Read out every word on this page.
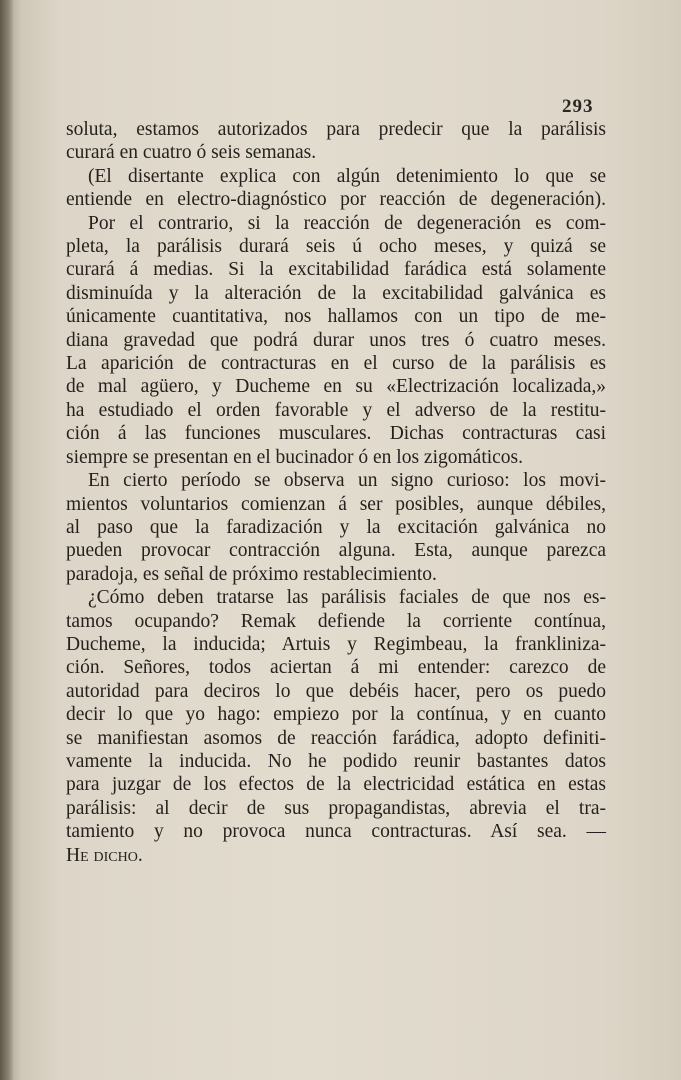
293
soluta, estamos autorizados para predecir que la parálisis
curará en cuatro ó seis semanas.
(El disertante explica con algún detenimiento lo que se
entiende en electro-diagnóstico por reacción de degeneración).
Por el contrario, si la reacción de degeneración es com-
pleta, la parálisis durará seis ú ocho meses, y quizá se
curará á medias. Si la excitabilidad farádica está solamente
disminuída y la alteración de la excitabilidad galvánica es
únicamente cuantitativa, nos hallamos con un tipo de me-
diana gravedad que podrá durar unos tres ó cuatro meses.
La aparición de contracturas en el curso de la parálisis es
de mal agüero, y Ducheme en su «Electrización localizada,»
ha estudiado el orden favorable y el adverso de la restitu-
ción á las funciones musculares. Dichas contracturas casi
siempre se presentan en el bucinador ó en los zigomáticos.
En cierto período se observa un signo curioso: los movi-
mientos voluntarios comienzan á ser posibles, aunque débiles,
al paso que la faradización y la excitación galvánica no
pueden provocar contracción alguna. Esta, aunque parezca
paradoja, es señal de próximo restablecimiento.
¿Cómo deben tratarse las parálisis faciales de que nos es-
tamos ocupando? Remak defiende la corriente contínua,
Ducheme, la inducida; Artuis y Regimbeau, la frankliniza-
ción. Señores, todos aciertan á mi entender: carezco de
autoridad para deciros lo que debéis hacer, pero os puedo
decir lo que yo hago: empiezo por la contínua, y en cuanto
se manifiestan asomos de reacción farádica, adopto definiti-
vamente la inducida. No he podido reunir bastantes datos
para juzgar de los efectos de la electricidad estática en estas
parálisis: al decir de sus propagandistas, abrevia el tra-
tamiento y no provoca nunca contracturas. Así sea. —
He dicho.
